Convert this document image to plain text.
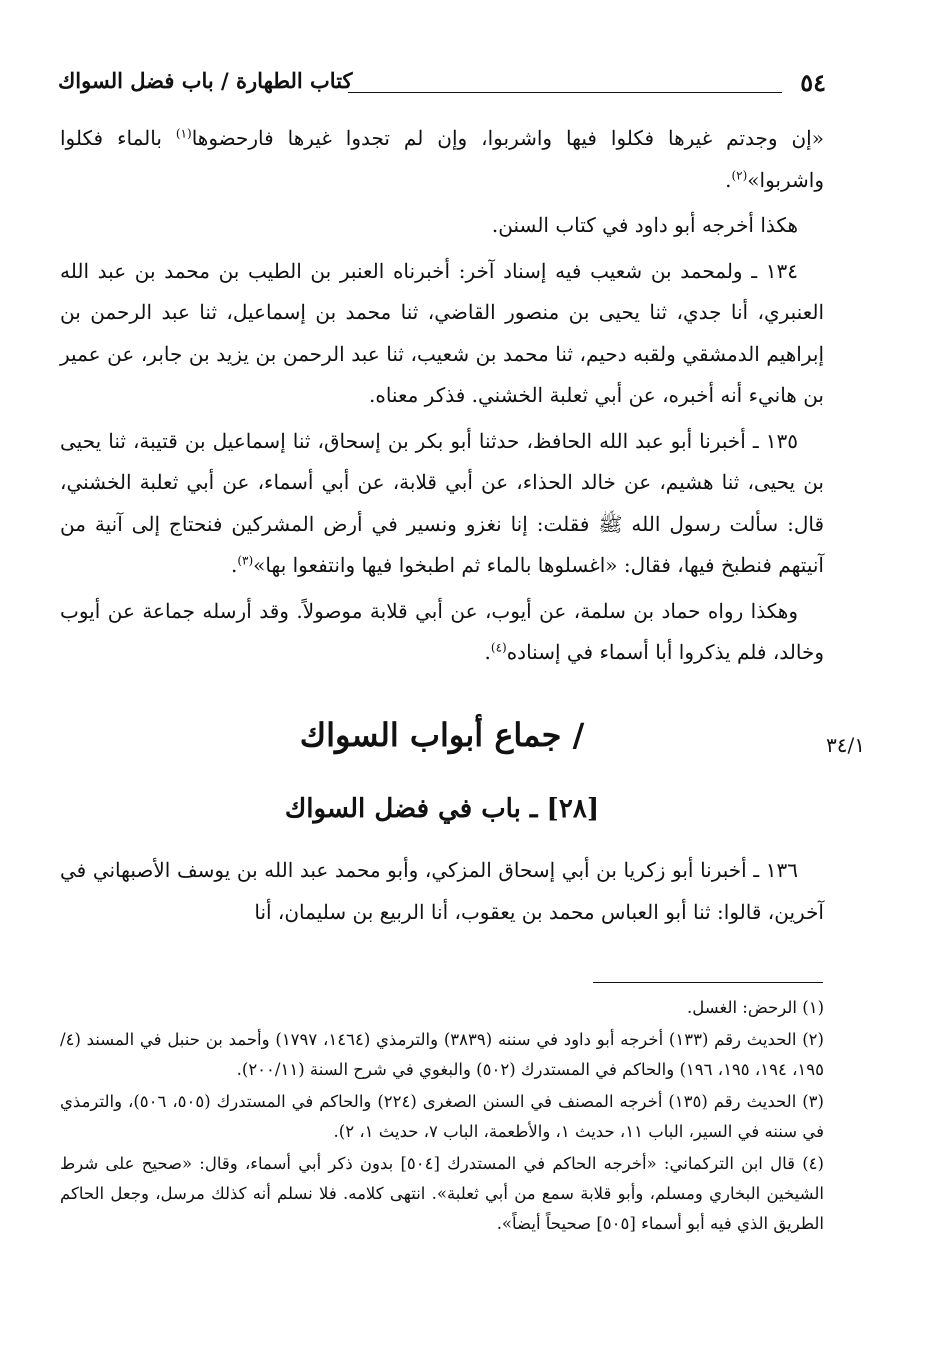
٥٤
كتاب الطهارة / باب فضل السواك

«إن وجدتم غيرها فكلوا فيها واشربوا، وإن لم تجدوا غيرها فارحضوها$^{(١)}$ بالماء فكلوا واشربوا»$^{(٢)}$.

هكذا أخرجه أبو داود في كتاب السنن.

١٣٤ ـ ولمحمد بن شعيب فيه إسناد آخر: أخبرناه العنبر بن الطيب بن محمد بن عبد الله العنبري، أنا جدي، ثنا يحيى بن منصور القاضي، ثنا محمد بن إسماعيل، ثنا عبد الرحمن بن إبراهيم الدمشقي ولقبه دحيم، ثنا محمد بن شعيب، ثنا عبد الرحمن بن يزيد بن جابر، عن عمير بن هانيء أنه أخبره، عن أبي ثعلبة الخشني. فذكر معناه.

١٣٥ ـ أخبرنا أبو عبد الله الحافظ، حدثنا أبو بكر بن إسحاق، ثنا إسماعيل بن قتيبة، ثنا يحيى بن يحيى، ثنا هشيم، عن خالد الحذاء، عن أبي قلابة، عن أبي أسماء، عن أبي ثعلبة الخشني، قال: سألت رسول الله ﷺ فقلت: إنا نغزو ونسير في أرض المشركين فنحتاج إلى آنية من آنيتهم فنطبخ فيها، فقال: «اغسلوها بالماء ثم اطبخوا فيها وانتفعوا بها»$^{(٣)}$.

وهكذا رواه حماد بن سلمة، عن أيوب، عن أبي قلابة موصولاً. وقد أرسله جماعة عن أيوب وخالد، فلم يذكروا أبا أسماء في إسناده$^{(٤)}$.

٣٤/١
/ جماع أبواب السواك
[٢٨] ـ باب في فضل السواك

١٣٦ ـ أخبرنا أبو زكريا بن أبي إسحاق المزكي، وأبو محمد عبد الله بن يوسف الأصبهاني في آخرين، قالوا: ثنا أبو العباس محمد بن يعقوب، أنا الربيع بن سليمان، أنا

(١) الرحض: الغسل.

(٢) الحديث رقم (١٣٣) أخرجه أبو داود في سننه (٣٨٣٩) والترمذي (١٤٦٤، ١٧٩٧) وأحمد بن حنبل في المسند (٤/ ١٩٥، ١٩٤، ١٩٥، ١٩٦) والحاكم في المستدرك (٥٠٢) والبغوي في شرح السنة (٢٠٠/١١).

(٣) الحديث رقم (١٣٥) أخرجه المصنف في السنن الصغرى (٢٢٤) والحاكم في المستدرك (٥٠٥، ٥٠٦)، والترمذي في سننه في السير، الباب ١١، حديث ١، والأطعمة، الباب ٧، حديث ١، ٢).

(٤) قال ابن التركماني: «أخرجه الحاكم في المستدرك [٥٠٤] بدون ذكر أبي أسماء، وقال: «صحيح على شرط الشيخين البخاري ومسلم، وأبو قلابة سمع من أبي ثعلبة». انتهى كلامه. فلا نسلم أنه كذلك مرسل، وجعل الحاكم الطريق الذي فيه أبو أسماء [٥٠٥] صحيحاً أيضاً».
